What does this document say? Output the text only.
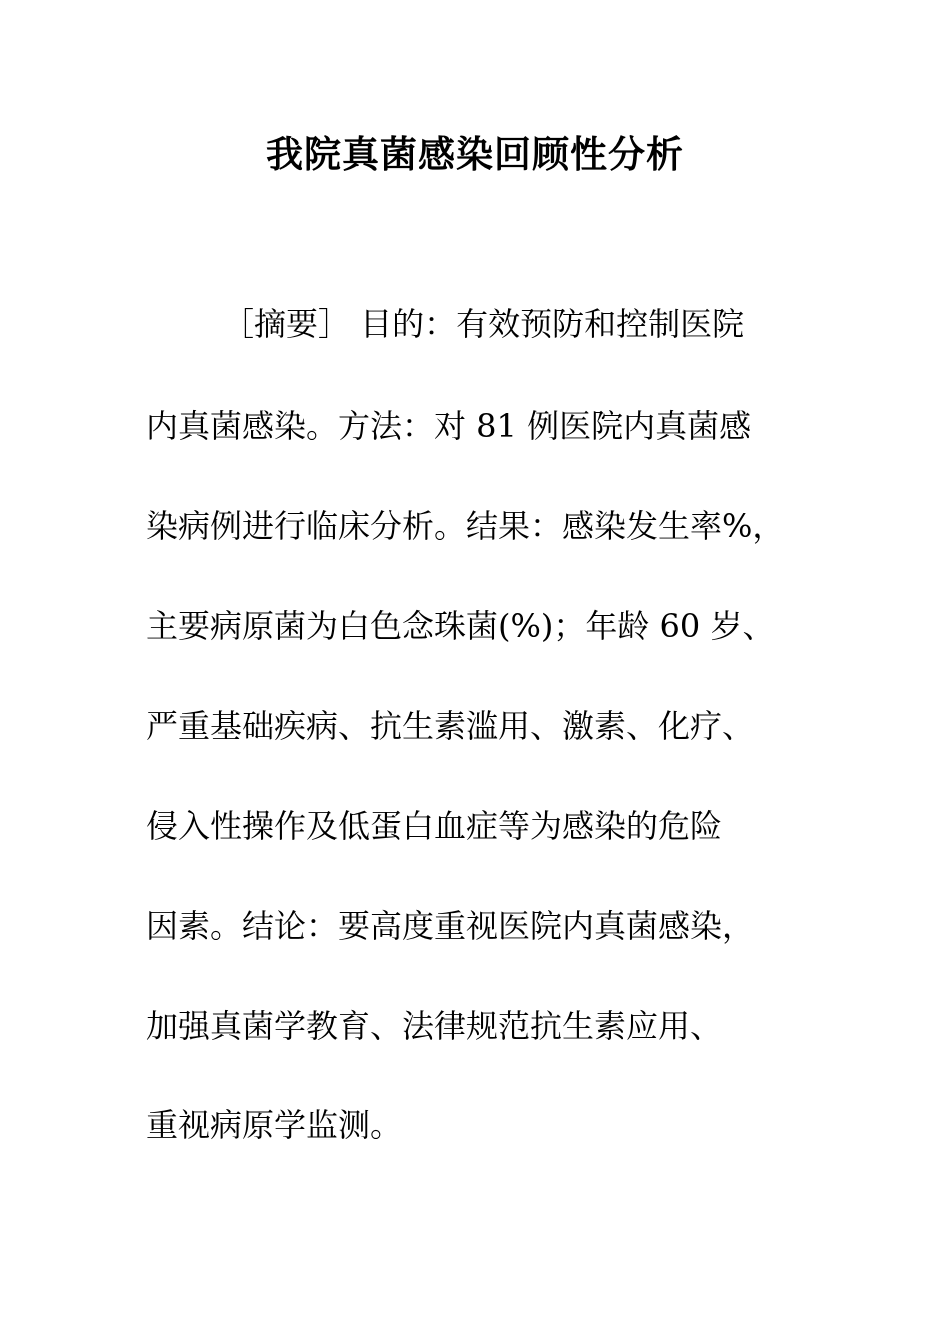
我院真菌感染回顾性分析
［摘要］ 目的：有效预防和控制医院
内真菌感染。方法：对 81 例医院内真菌感
染病例进行临床分析。结果：感染发生率%，
主要病原菌为白色念珠菌(%)；年龄 60 岁、
严重基础疾病、抗生素滥用、激素、化疗、
侵入性操作及低蛋白血症等为感染的危险
因素。结论：要高度重视医院内真菌感染，
加强真菌学教育、法律规范抗生素应用、
重视病原学监测。
